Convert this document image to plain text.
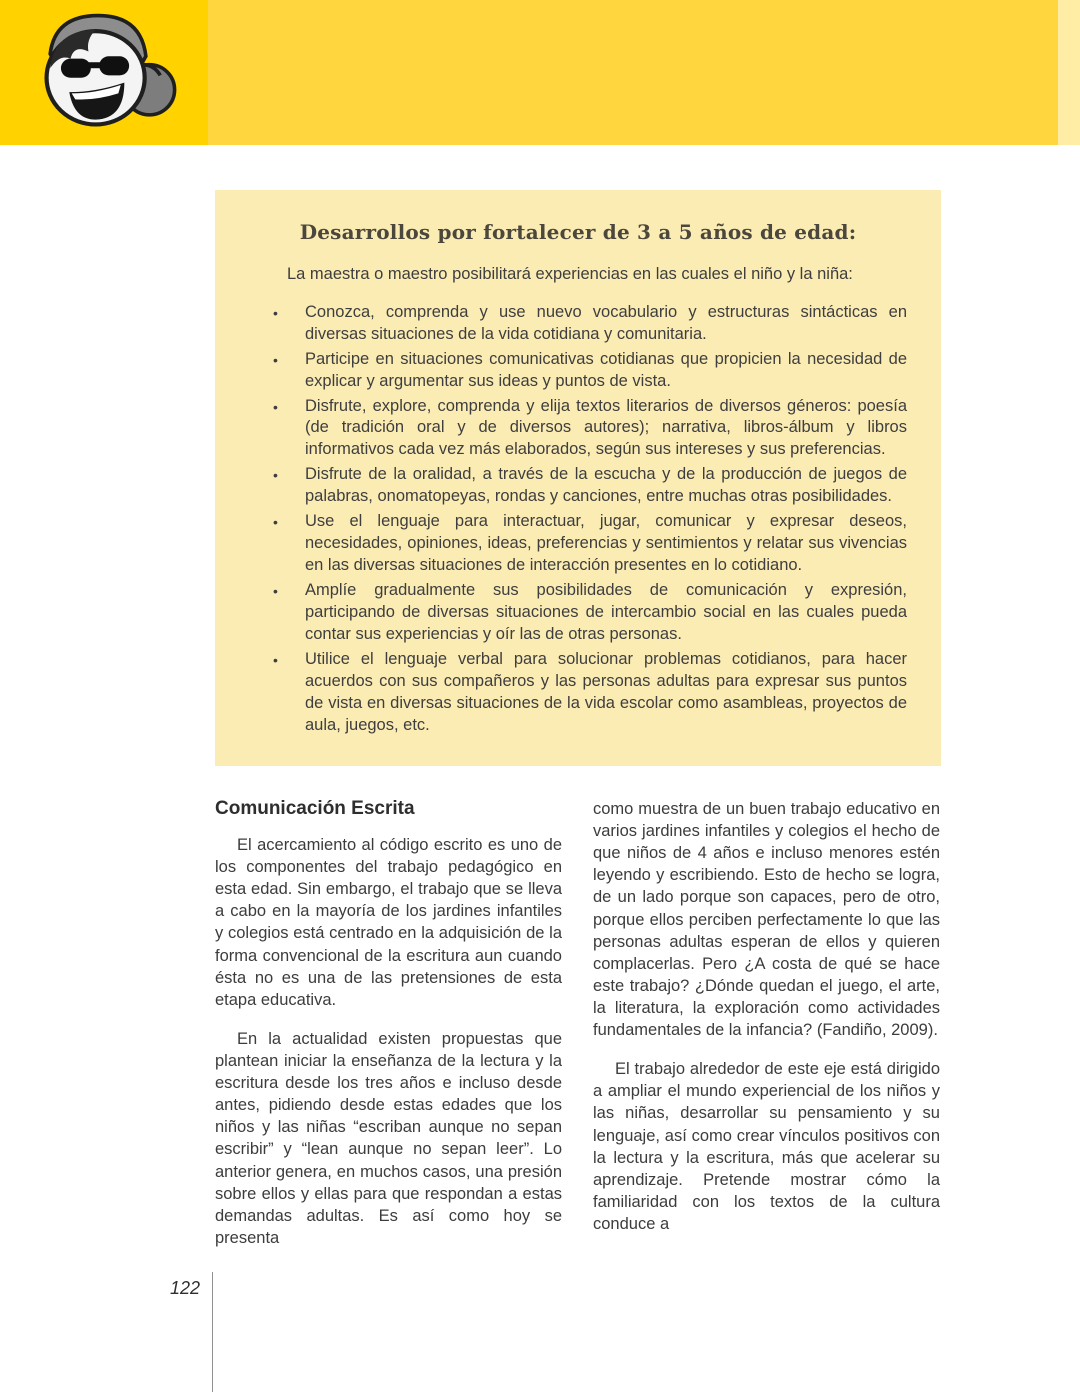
Desarrollos por fortalecer de 3 a 5 años de edad:

La maestra o maestro posibilitará experiencias en las cuales el niño y la niña:

• Conozca, comprenda y use nuevo vocabulario y estructuras sintácticas en diversas situaciones de la vida cotidiana y comunitaria.
• Participe en situaciones comunicativas cotidianas que propicien la necesidad de explicar y argumentar sus ideas y puntos de vista.
• Disfrute, explore, comprenda y elija textos literarios de diversos géneros: poesía (de tradición oral y de diversos autores); narrativa, libros-álbum y libros informativos cada vez más elaborados, según sus intereses y sus preferencias.
• Disfrute de la oralidad, a través de la escucha y de la producción de juegos de palabras, onomatopeyas, rondas y canciones, entre muchas otras posibilidades.
• Use el lenguaje para interactuar, jugar, comunicar y expresar deseos, necesidades, opiniones, ideas, preferencias y sentimientos y relatar sus vivencias en las diversas situaciones de interacción presentes en lo cotidiano.
• Amplíe gradualmente sus posibilidades de comunicación y expresión, participando de diversas situaciones de intercambio social en las cuales pueda contar sus experiencias y oír las de otras personas.
• Utilice el lenguaje verbal para solucionar problemas cotidianos, para hacer acuerdos con sus compañeros y las personas adultas para expresar sus puntos de vista en diversas situaciones de la vida escolar como asambleas, proyectos de aula, juegos, etc.
Comunicación Escrita

El acercamiento al código escrito es uno de los componentes del trabajo pedagógico en esta edad. Sin embargo, el trabajo que se lleva a cabo en la mayoría de los jardines infantiles y colegios está centrado en la adquisición de la forma convencional de la escritura aun cuando ésta no es una de las pretensiones de esta etapa educativa.

En la actualidad existen propuestas que plantean iniciar la enseñanza de la lectura y la escritura desde los tres años e incluso desde antes, pidiendo desde estas edades que los niños y las niñas “escriban aunque no sepan escribir” y “lean aunque no sepan leer”. Lo anterior genera, en muchos casos, una presión sobre ellos y ellas para que respondan a estas demandas adultas. Es así como hoy se presenta

como muestra de un buen trabajo educativo en varios jardines infantiles y colegios el hecho de que niños de 4 años e incluso menores estén leyendo y escribiendo. Esto de hecho se logra, de un lado porque son capaces, pero de otro, porque ellos perciben perfectamente lo que las personas adultas esperan de ellos y quieren complacerlas. Pero ¿A costa de qué se hace este trabajo? ¿Dónde quedan el juego, el arte, la literatura, la exploración como actividades fundamentales de la infancia? (Fandiño, 2009).

El trabajo alrededor de este eje está dirigido a ampliar el mundo experiencial de los niños y las niñas, desarrollar su pensamiento y su lenguaje, así como crear vínculos positivos con la lectura y la escritura, más que acelerar su aprendizaje. Pretende mostrar cómo la familiaridad con los textos de la cultura conduce a

122
